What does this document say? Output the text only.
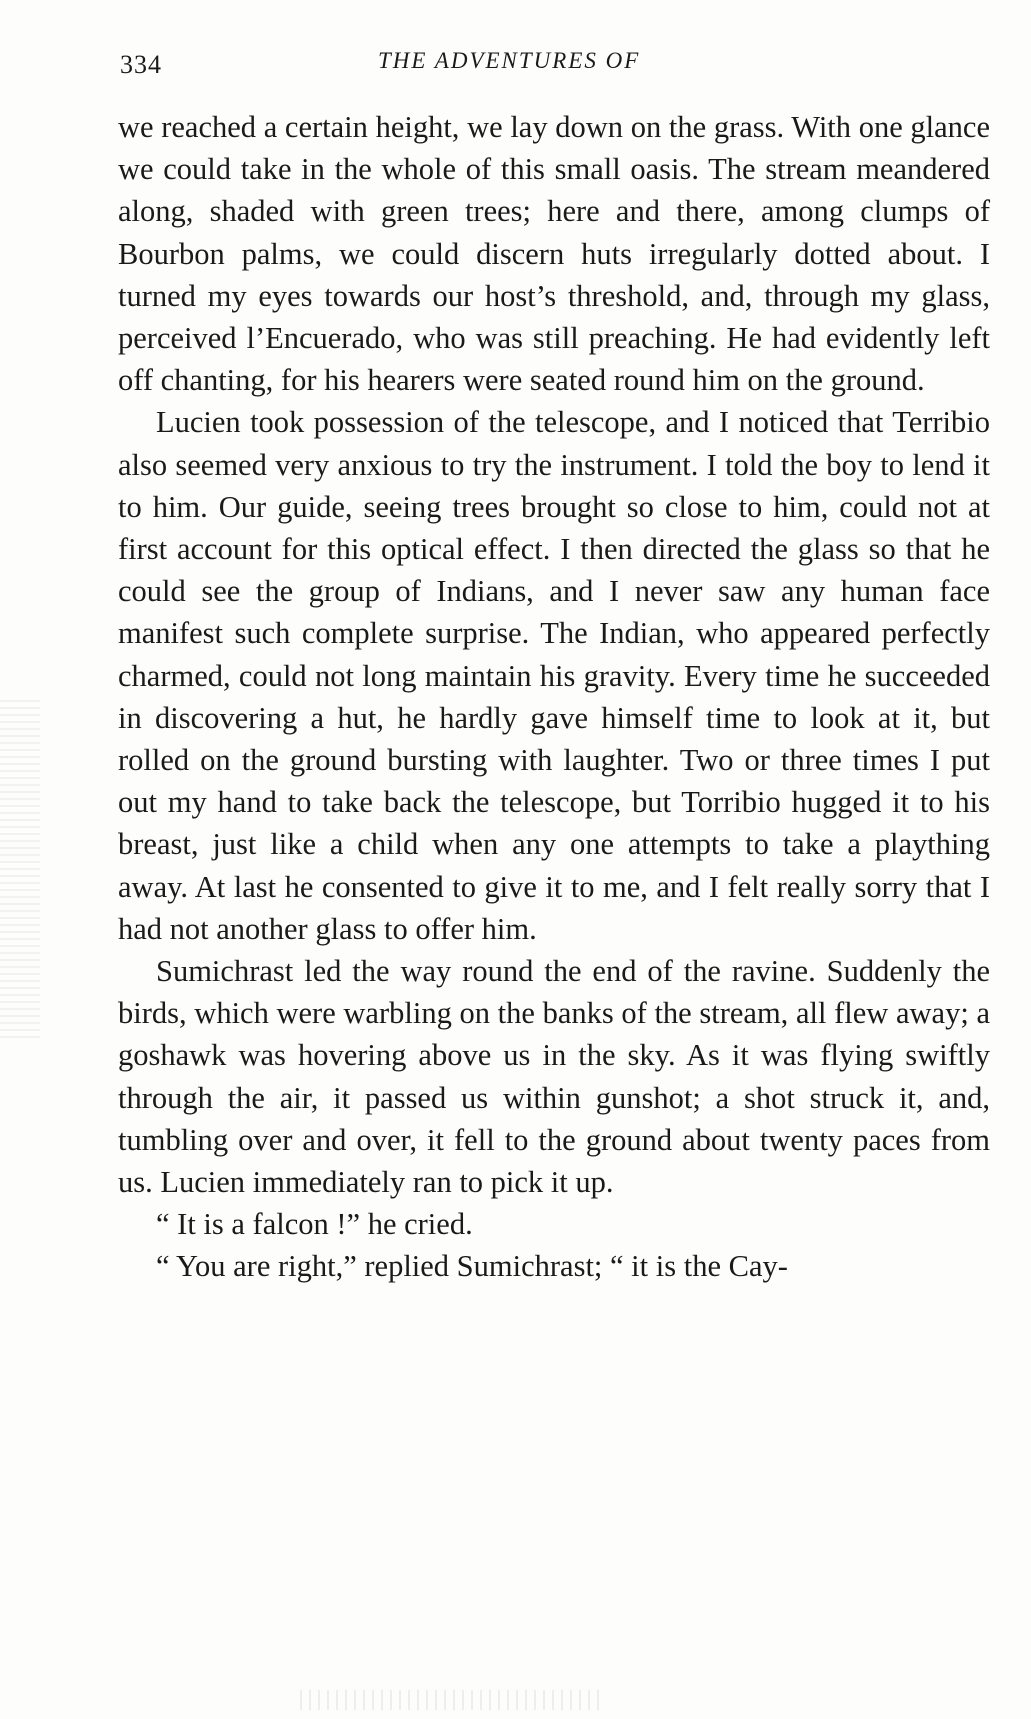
334	THE ADVENTURES OF

we reached a certain height, we lay down on the grass. With one glance we could take in the whole of this small oasis. The stream meandered along, shaded with green trees; here and there, among clumps of Bourbon palms, we could discern huts irregularly dotted about. I turned my eyes towards our host’s threshold, and, through my glass, perceived l’Encuerado, who was still preaching. He had evidently left off chanting, for his hearers were seated round him on the ground.

Lucien took possession of the telescope, and I noticed that Terribio also seemed very anxious to try the instrument. I told the boy to lend it to him. Our guide, seeing trees brought so close to him, could not at first account for this optical effect. I then directed the glass so that he could see the group of Indians, and I never saw any human face manifest such complete surprise. The Indian, who appeared perfectly charmed, could not long maintain his gravity. Every time he succeeded in discovering a hut, he hardly gave himself time to look at it, but rolled on the ground bursting with laughter. Two or three times I put out my hand to take back the telescope, but Torribio hugged it to his breast, just like a child when any one attempts to take a plaything away. At last he consented to give it to me, and I felt really sorry that I had not another glass to offer him.

Sumichrast led the way round the end of the ravine. Suddenly the birds, which were warbling on the banks of the stream, all flew away; a goshawk was hovering above us in the sky. As it was flying swiftly through the air, it passed us within gunshot; a shot struck it, and, tumbling over and over, it fell to the ground about twenty paces from us. Lucien immediately ran to pick it up.

“ It is a falcon !” he cried.

“ You are right,” replied Sumichrast; “ it is the Cay-
